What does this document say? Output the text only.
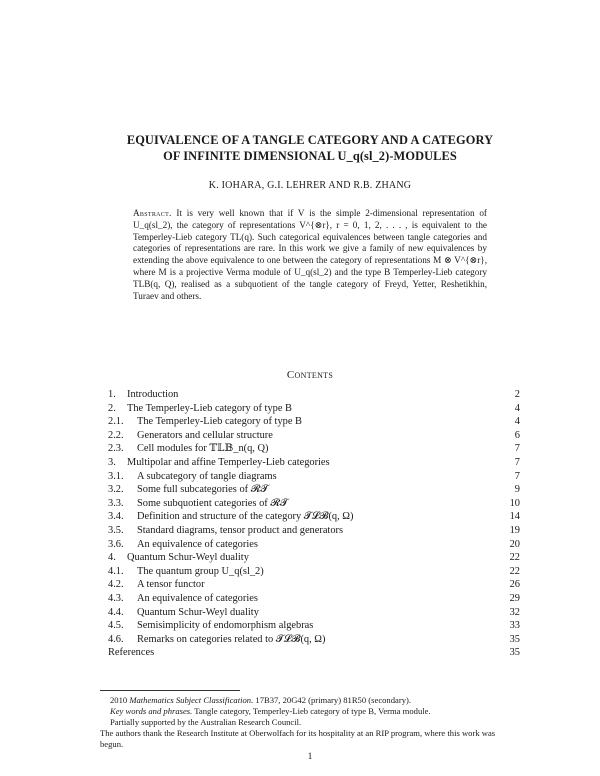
EQUIVALENCE OF A TANGLE CATEGORY AND A CATEGORY
OF INFINITE DIMENSIONAL U_q(sl_2)-MODULES
K. IOHARA, G.I. LEHRER AND R.B. ZHANG
Abstract. It is very well known that if V is the simple 2-dimensional representation of U_q(sl_2), the category of representations V^{⊗r}, r = 0, 1, 2, . . . , is equivalent to the Temperley-Lieb category TL(q). Such categorical equivalences between tangle categories and categories of representations are rare. In this work we give a family of new equivalences by extending the above equivalence to one between the category of representations M ⊗ V^{⊗r}, where M is a projective Verma module of U_q(sl_2) and the type B Temperley-Lieb category TLB(q, Q), realised as a subquotient of the tangle category of Freyd, Yetter, Reshetikhin, Turaev and others.
Contents
1. Introduction	2
2. The Temperley-Lieb category of type B	4
2.1. The Temperley-Lieb category of type B	4
2.2. Generators and cellular structure	6
2.3. Cell modules for 𝕋𝕃𝔹_n(q, Q)	7
3. Multipolar and affine Temperley-Lieb categories	7
3.1. A subcategory of tangle diagrams	7
3.2. Some full subcategories of 𝓡𝓣	9
3.3. Some subquotient categories of 𝓡𝓣	10
3.4. Definition and structure of the category 𝓣𝓛𝓑(q, Ω)	14
3.5. Standard diagrams, tensor product and generators	19
3.6. An equivalence of categories	20
4. Quantum Schur-Weyl duality	22
4.1. The quantum group U_q(sl_2)	22
4.2. A tensor functor	26
4.3. An equivalence of categories	29
4.4. Quantum Schur-Weyl duality	32
4.5. Semisimplicity of endomorphism algebras	33
4.6. Remarks on categories related to 𝓣𝓛𝓑(q, Ω)	35
References	35

2010 Mathematics Subject Classification. 17B37, 20G42 (primary) 81R50 (secondary).

Key words and phrases. Tangle category, Temperley-Lieb category of type B, Verma module.

Partially supported by the Australian Research Council.

The authors thank the Research Institute at Oberwolfach for its hospitality at an RIP program, where this work was begun.

1
